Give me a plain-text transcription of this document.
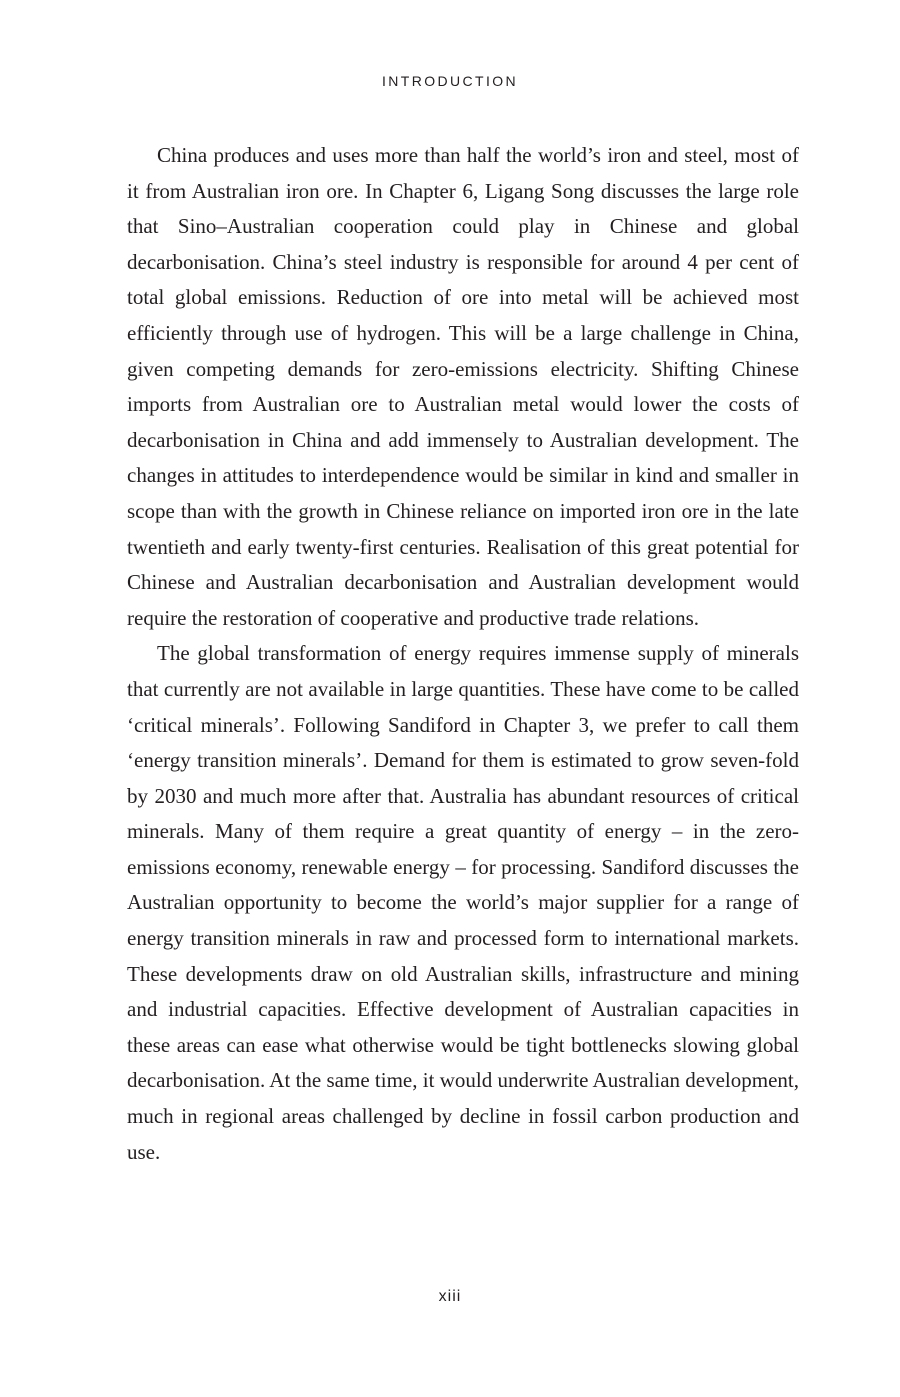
INTRODUCTION

China produces and uses more than half the world’s iron and steel, most of it from Australian iron ore. In Chapter 6, Ligang Song discusses the large role that Sino–Australian cooperation could play in Chinese and global decarbonisation. China’s steel industry is responsible for around 4 per cent of total global emissions. Reduction of ore into metal will be achieved most efficiently through use of hydrogen. This will be a large challenge in China, given competing demands for zero-emissions electricity. Shifting Chinese imports from Australian ore to Australian metal would lower the costs of decarbonisation in China and add immensely to Australian development. The changes in attitudes to interdependence would be similar in kind and smaller in scope than with the growth in Chinese reliance on imported iron ore in the late twentieth and early twenty-first centuries. Realisation of this great potential for Chinese and Australian decarbonisation and Australian development would require the restoration of cooperative and productive trade relations.

The global transformation of energy requires immense supply of minerals that currently are not available in large quantities. These have come to be called ‘critical minerals’. Following Sandiford in Chapter 3, we prefer to call them ‘energy transition minerals’. Demand for them is estimated to grow seven-fold by 2030 and much more after that. Australia has abundant resources of critical minerals. Many of them require a great quantity of energy – in the zero-emissions economy, renewable energy – for processing. Sandiford discusses the Australian opportunity to become the world’s major supplier for a range of energy transition minerals in raw and processed form to international markets. These developments draw on old Australian skills, infrastructure and mining and industrial capacities. Effective development of Australian capacities in these areas can ease what otherwise would be tight bottlenecks slowing global decarbonisation. At the same time, it would underwrite Australian development, much in regional areas challenged by decline in fossil carbon production and use.

xiii
